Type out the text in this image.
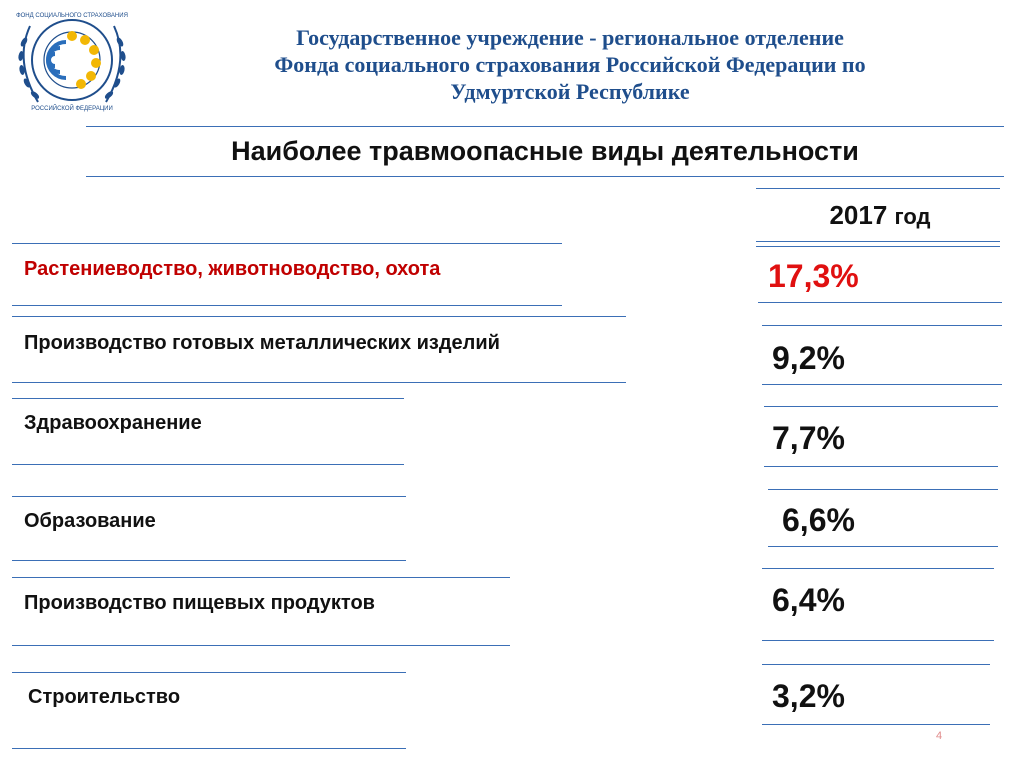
ФОНД СОЦИАЛЬНОГО СТРАХОВАНИЯ
РОССИЙСКОЙ ФЕДЕРАЦИИ
Государственное учреждение - региональное отделение
Фонда социального страхования Российской Федерации по
Удмуртской Республике
Наиболее травмоопасные виды деятельности
2017 год
Растениеводство, животноводство, охота	17,3%
Производство готовых металлических изделий	9,2%
Здравоохранение	7,7%
Образование	6,6%
Производство пищевых продуктов	6,4%
Строительство	3,2%
4
